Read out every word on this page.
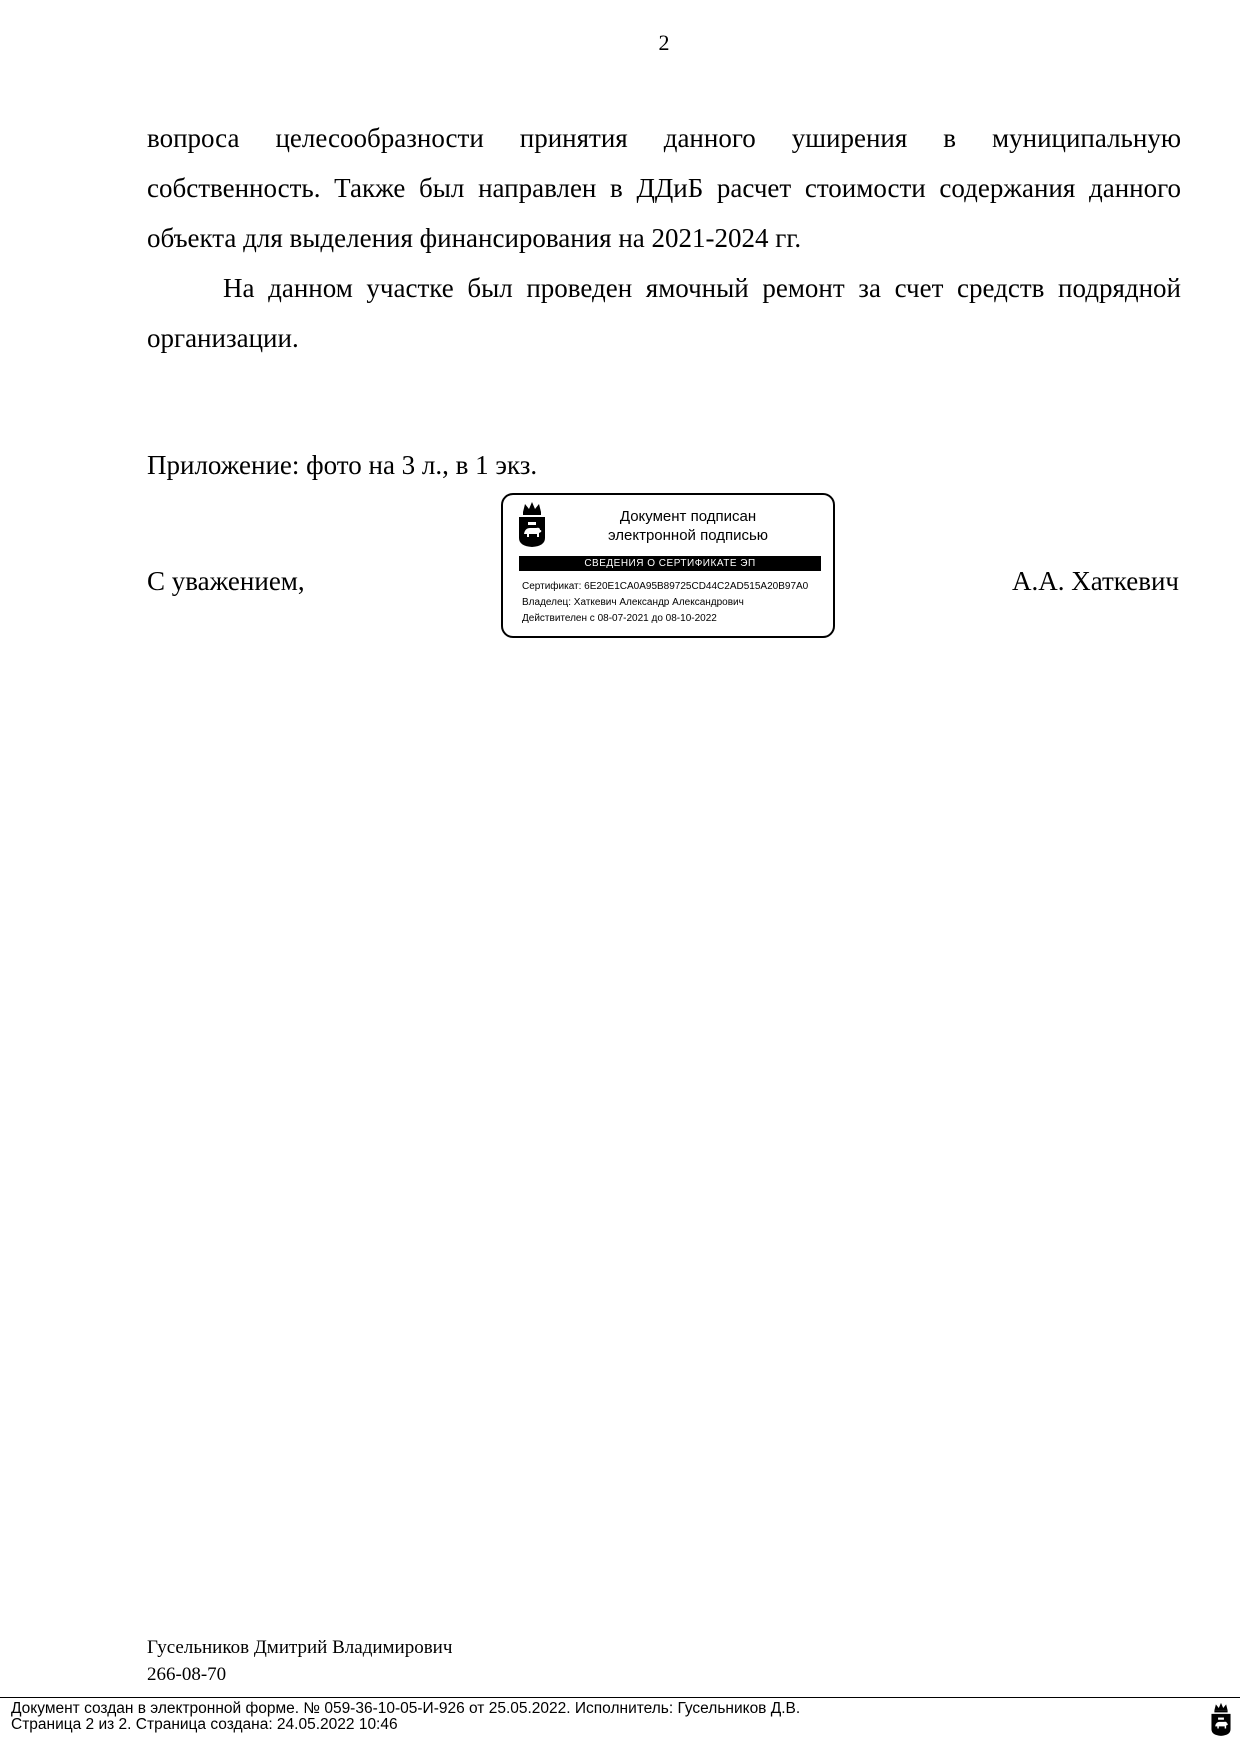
2

вопроса целесообразности принятия данного уширения в муниципальную собственность. Также был направлен в ДДиБ расчет стоимости содержания данного объекта для выделения финансирования на 2021-2024 гг.

На данном участке был проведен ямочный ремонт за счет средств подрядной организации.

Приложение: фото на 3 л., в 1 экз.
С уважением,
Документ подписан
электронной подписью
СВЕДЕНИЯ О СЕРТИФИКАТЕ ЭП
Сертификат: 6E20E1CA0A95B89725CD44C2AD515A20B97A0
Владелец: Хаткевич Александр Александрович
Действителен с 08-07-2021 до 08-10-2022
А.А. Хаткевич
Гусельников Дмитрий Владимирович
266-08-70
Документ создан в электронной форме. № 059-36-10-05-И-926 от 25.05.2022. Исполнитель: Гусельников Д.В.
Страница 2 из 2. Страница создана: 24.05.2022 10:46
